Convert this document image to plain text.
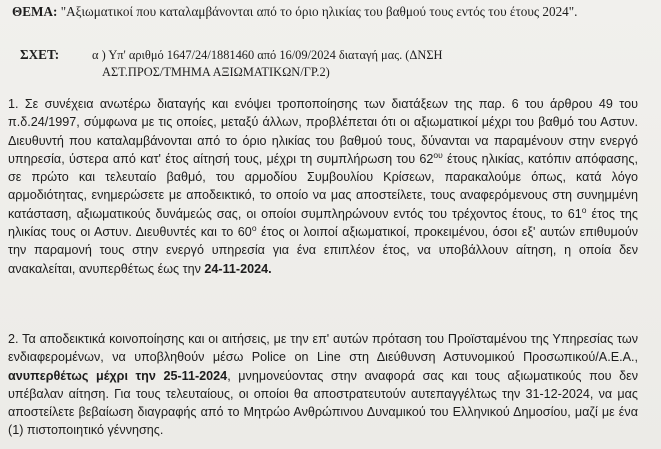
ΘΕΜΑ: "Αξιωματικοί που καταλαμβάνονται από το όριο ηλικίας του βαθμού τους εντός του έτους 2024".
ΣΧΕΤ:	α ) Υπ' αριθμό 1647/24/1881460 από 16/09/2024 διαταγή μας. (ΔΝΣΗ
ΑΣΤ.ΠΡΟΣ/ΤΜΗΜΑ ΑΞΙΩΜΑΤΙΚΩΝ/ΓΡ.2)
1. Σε συνέχεια ανωτέρω διαταγής και ενόψει τροποποίησης των διατάξεων της παρ. 6 του άρθρου 49 του π.δ.24/1997, σύμφωνα με τις οποίες, μεταξύ άλλων, προβλέπεται ότι οι αξιωματικοί μέχρι του βαθμό του Αστυν. Διευθυντή που καταλαμβάνονται από το όριο ηλικίας του βαθμού τους, δύνανται να παραμένουν στην ενεργό υπηρεσία, ύστερα από κατ' έτος αίτησή τους, μέχρι τη συμπλήρωση του $62^{o\upsilon}$ έτους ηλικίας, κατόπιν απόφασης, σε πρώτο και τελευταίο βαθμό, του αρμοδίου Συμβουλίου Κρίσεων, παρακαλούμε όπως, κατά λόγο αρμοδιότητας, ενημερώσετε με αποδεικτικό, το οποίο να μας αποστείλετε, τους αναφερόμενους στη συνημμένη κατάσταση, αξιωματικούς δυνάμεώς σας, οι οποίοι συμπληρώνουν εντός του τρέχοντος έτους, το $61^o$ έτος της ηλικίας τους οι Αστυν. Διευθυντές και το $60^o$ έτος οι λοιποί αξιωματικοί, προκειμένου, όσοι εξ' αυτών επιθυμούν την παραμονή τους στην ενεργό υπηρεσία για ένα επιπλέον έτος, να υποβάλλουν αίτηση, η οποία δεν ανακαλείται, ανυπερθέτως έως την 24-11-2024.
2. Τα αποδεικτικά κοινοποίησης και οι αιτήσεις, με την επ' αυτών πρόταση του Προϊσταμένου της Υπηρεσίας των ενδιαφερομένων, να υποβληθούν μέσω Police on Line στη Διεύθυνση Αστυνομικού Προσωπικού/Α.Ε.Α., ανυπερθέτως μέχρι την 25-11-2024, μνημονεύοντας στην αναφορά σας και τους αξιωματικούς που δεν υπέβαλαν αίτηση. Για τους τελευταίους, οι οποίοι θα αποστρατευτούν αυτεπαγγέλτως την 31-12-2024, να μας αποστείλετε βεβαίωση διαγραφής από το Μητρώο Ανθρώπινου Δυναμικού του Ελληνικού Δημοσίου, μαζί με ένα (1) πιστοποιητικό γέννησης.
